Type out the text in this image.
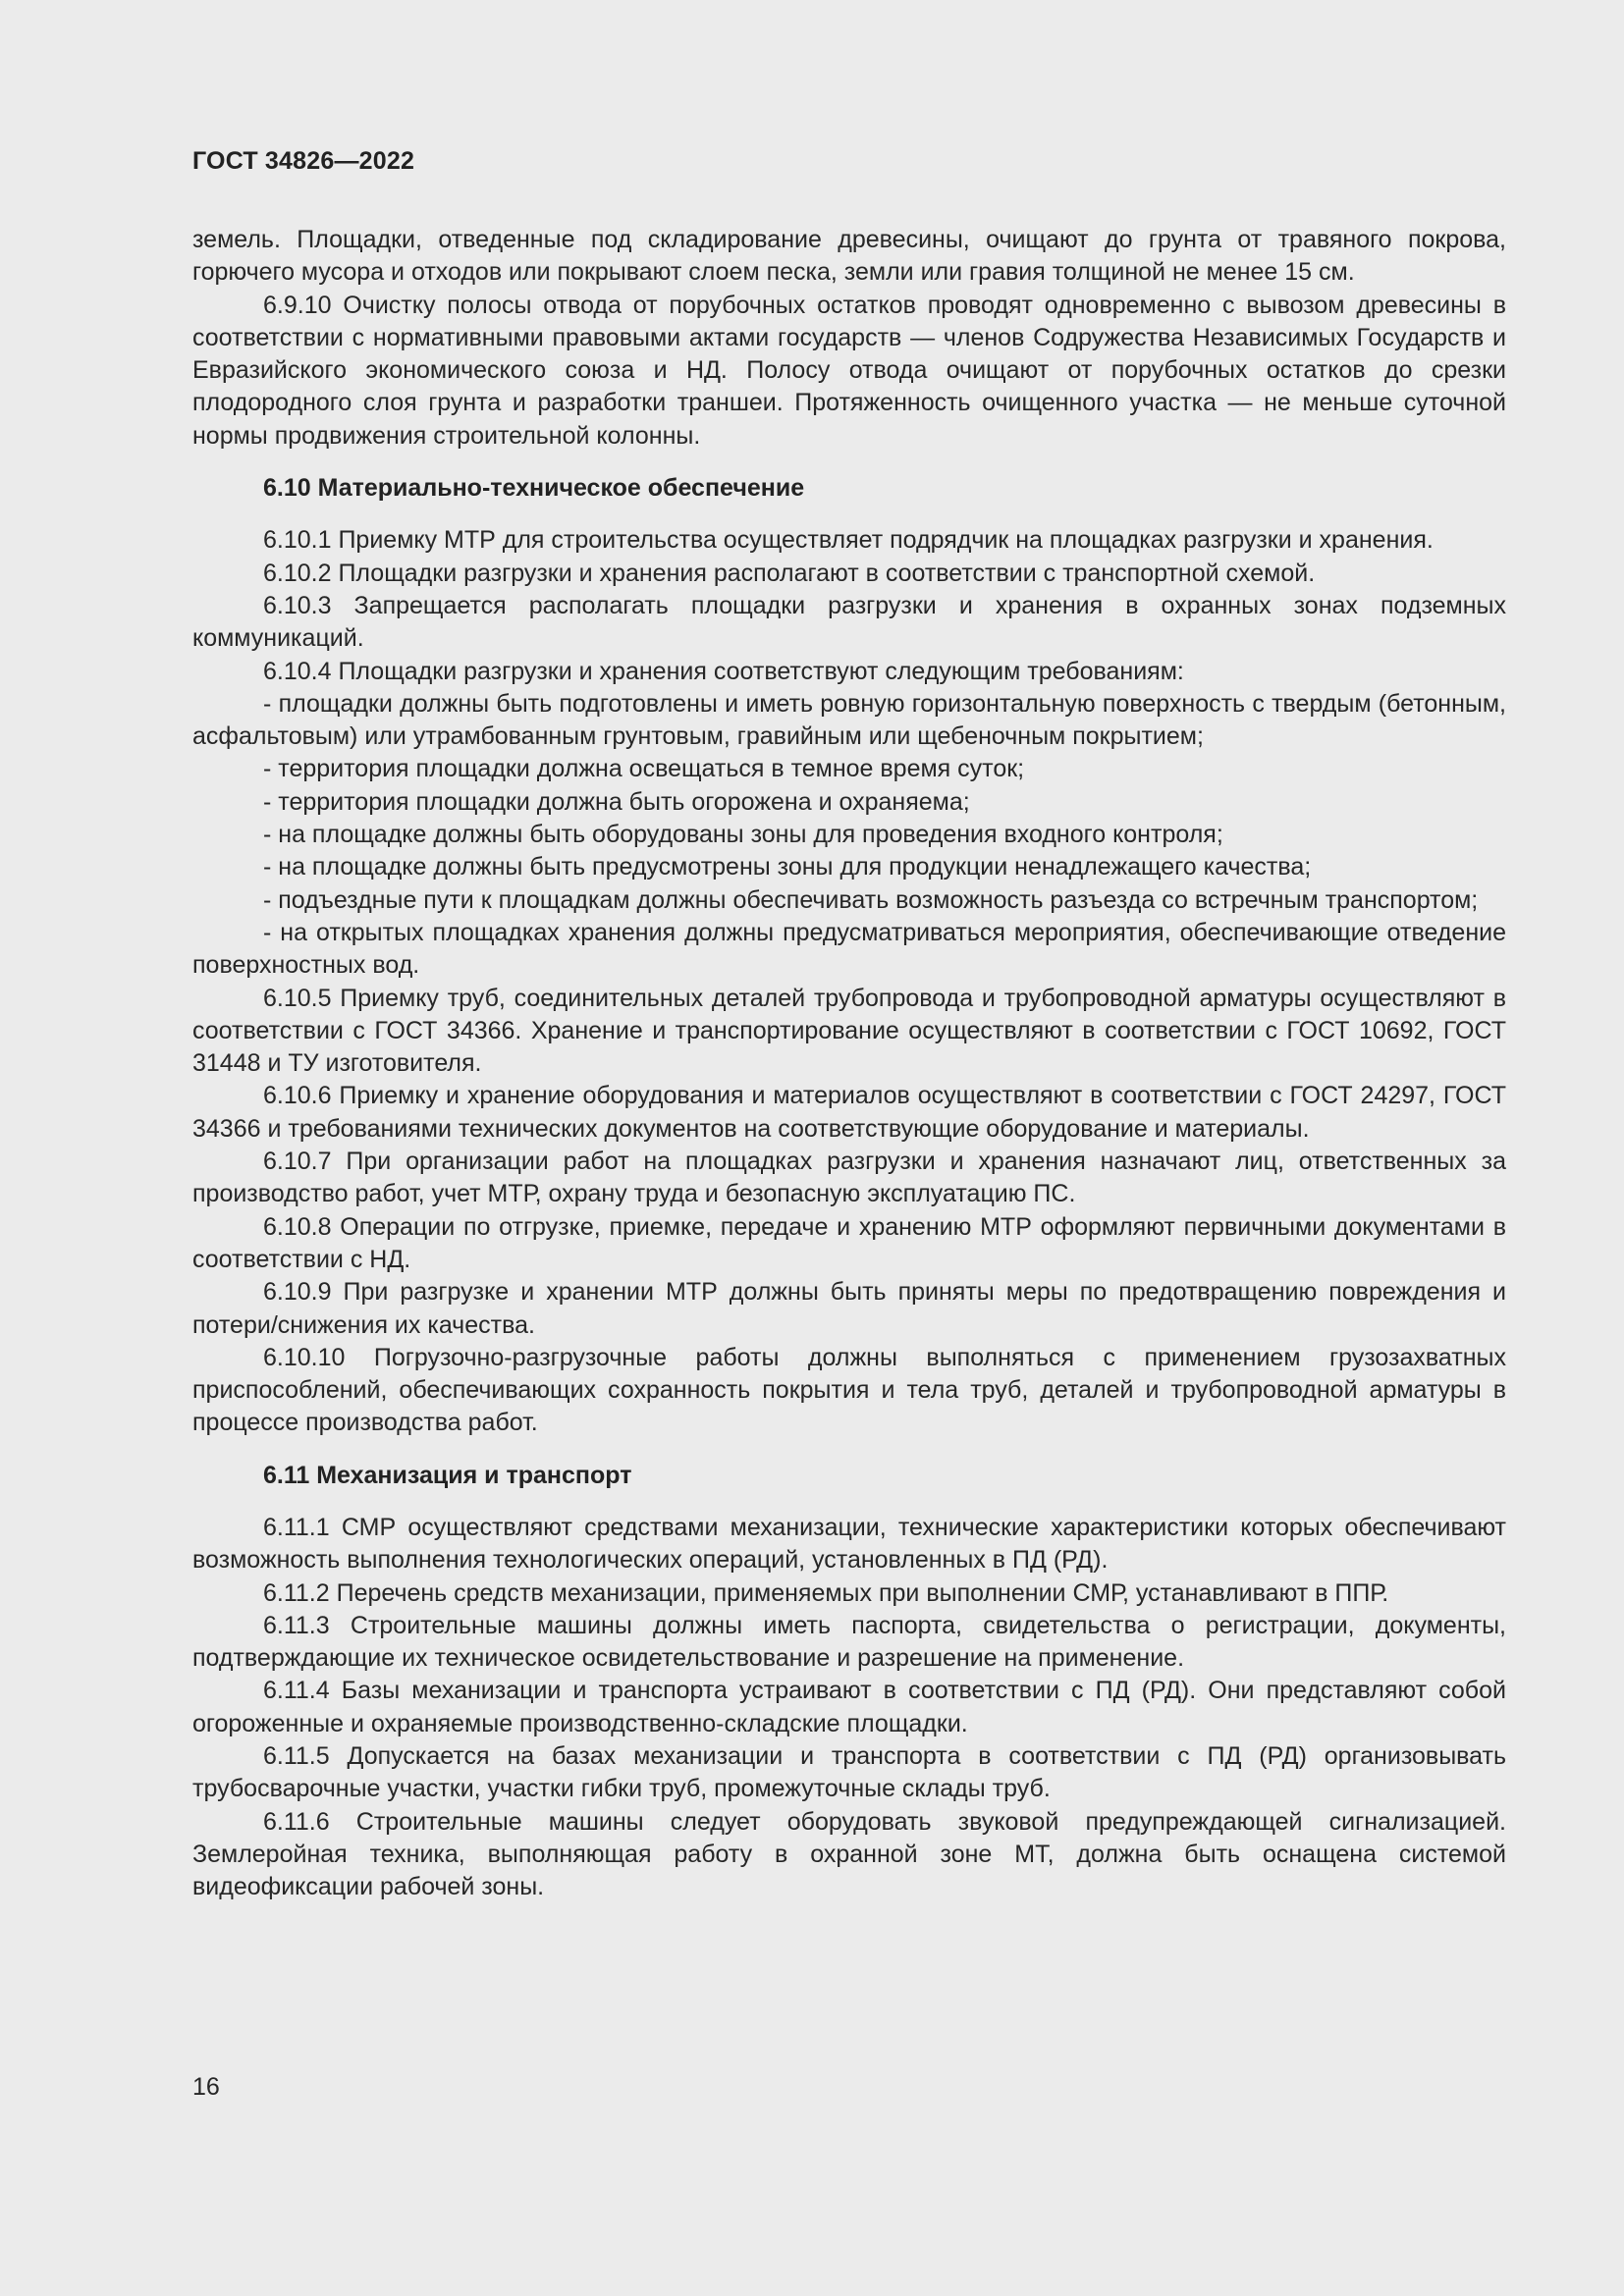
ГОСТ 34826—2022

земель. Площадки, отведенные под складирование древесины, очищают до грунта от травяного покрова, горючего мусора и отходов или покрывают слоем песка, земли или гравия толщиной не менее 15 см.

6.9.10 Очистку полосы отвода от порубочных остатков проводят одновременно с вывозом древесины в соответствии с нормативными правовыми актами государств — членов Содружества Независимых Государств и Евразийского экономического союза и НД. Полосу отвода очищают от порубочных остатков до срезки плодородного слоя грунта и разработки траншеи. Протяженность очищенного участка — не меньше суточной нормы продвижения строительной колонны.

6.10 Материально-техническое обеспечение

6.10.1 Приемку МТР для строительства осуществляет подрядчик на площадках разгрузки и хранения.

6.10.2 Площадки разгрузки и хранения располагают в соответствии с транспортной схемой.

6.10.3 Запрещается располагать площадки разгрузки и хранения в охранных зонах подземных коммуникаций.

6.10.4 Площадки разгрузки и хранения соответствуют следующим требованиям:

- площадки должны быть подготовлены и иметь ровную горизонтальную поверхность с твердым (бетонным, асфальтовым) или утрамбованным грунтовым, гравийным или щебеночным покрытием;

- территория площадки должна освещаться в темное время суток;

- территория площадки должна быть огорожена и охраняема;

- на площадке должны быть оборудованы зоны для проведения входного контроля;

- на площадке должны быть предусмотрены зоны для продукции ненадлежащего качества;

- подъездные пути к площадкам должны обеспечивать возможность разъезда со встречным транспортом;

- на открытых площадках хранения должны предусматриваться мероприятия, обеспечивающие отведение поверхностных вод.

6.10.5 Приемку труб, соединительных деталей трубопровода и трубопроводной арматуры осуществляют в соответствии с ГОСТ 34366. Хранение и транспортирование осуществляют в соответствии с ГОСТ 10692, ГОСТ 31448 и ТУ изготовителя.

6.10.6 Приемку и хранение оборудования и материалов осуществляют в соответствии с ГОСТ 24297, ГОСТ 34366 и требованиями технических документов на соответствующие оборудование и материалы.

6.10.7 При организации работ на площадках разгрузки и хранения назначают лиц, ответственных за производство работ, учет МТР, охрану труда и безопасную эксплуатацию ПС.

6.10.8 Операции по отгрузке, приемке, передаче и хранению МТР оформляют первичными документами в соответствии с НД.

6.10.9 При разгрузке и хранении МТР должны быть приняты меры по предотвращению повреждения и потери/снижения их качества.

6.10.10 Погрузочно-разгрузочные работы должны выполняться с применением грузозахватных приспособлений, обеспечивающих сохранность покрытия и тела труб, деталей и трубопроводной арматуры в процессе производства работ.

6.11 Механизация и транспорт

6.11.1 СМР осуществляют средствами механизации, технические характеристики которых обеспечивают возможность выполнения технологических операций, установленных в ПД (РД).

6.11.2 Перечень средств механизации, применяемых при выполнении СМР, устанавливают в ППР.

6.11.3 Строительные машины должны иметь паспорта, свидетельства о регистрации, документы, подтверждающие их техническое освидетельствование и разрешение на применение.

6.11.4 Базы механизации и транспорта устраивают в соответствии с ПД (РД). Они представляют собой огороженные и охраняемые производственно-складские площадки.

6.11.5 Допускается на базах механизации и транспорта в соответствии с ПД (РД) организовывать трубосварочные участки, участки гибки труб, промежуточные склады труб.

6.11.6 Строительные машины следует оборудовать звуковой предупреждающей сигнализацией. Землеройная техника, выполняющая работу в охранной зоне МТ, должна быть оснащена системой видеофиксации рабочей зоны.

16
